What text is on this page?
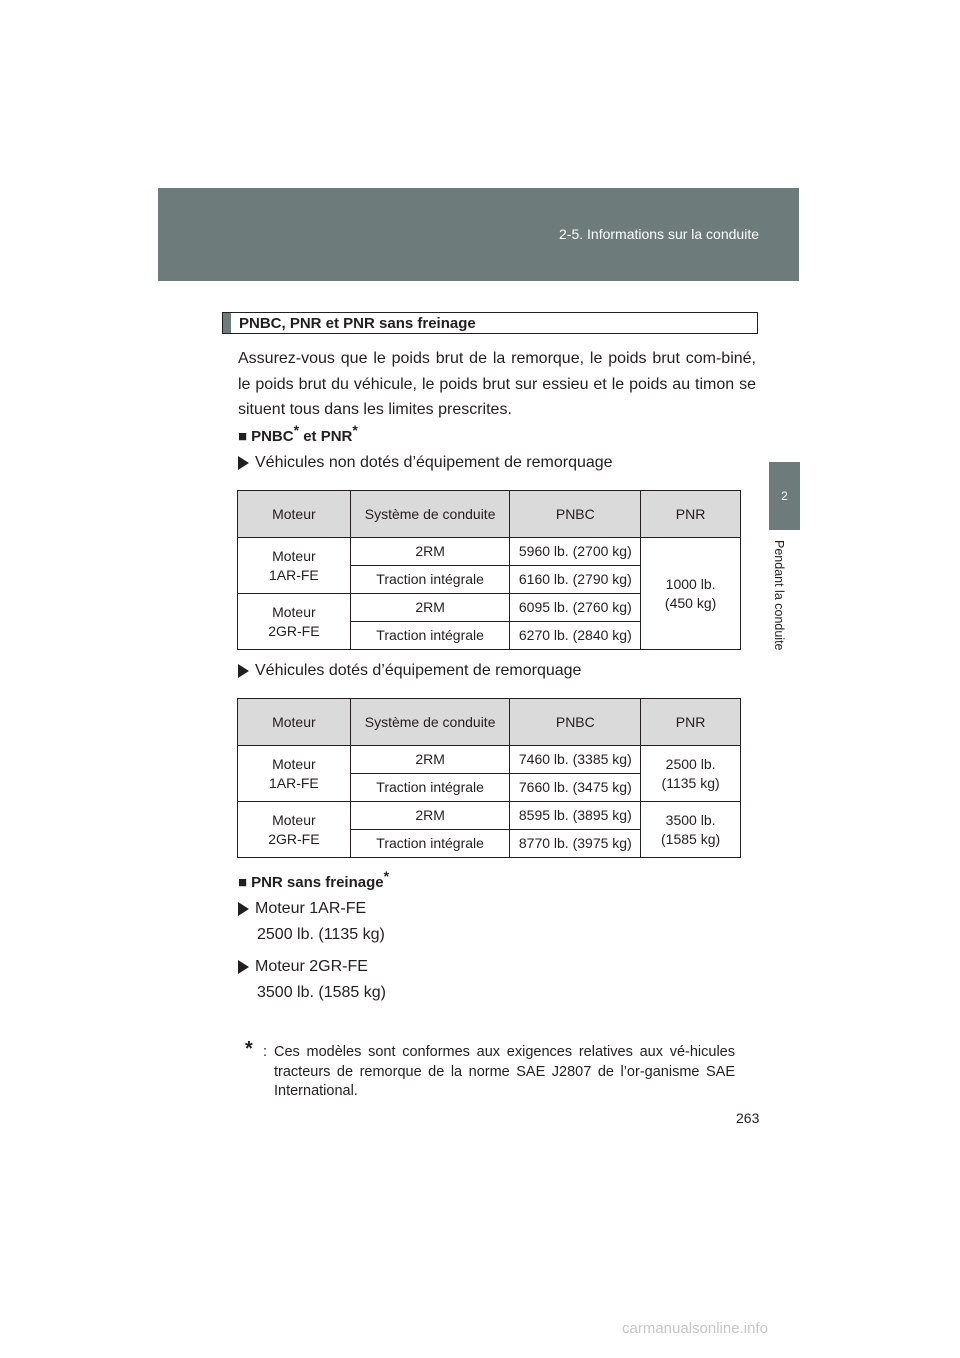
2-5. Informations sur la conduite
2
Pendant la conduite
PNBC, PNR et PNR sans freinage
Assurez-vous que le poids brut de la remorque, le poids brut com-biné, le poids brut du véhicule, le poids brut sur essieu et le poids au timon se situent tous dans les limites prescrites.
■ PNBC* et PNR*
Véhicules non dotés d’équipement de remorquage
Moteur	Système de conduite	PNBC	PNR
Moteur
1AR-FE	2RM	5960 lb. (2700 kg)	1000 lb.
(450 kg)
	Traction intégrale	6160 lb. (2790 kg)	
Moteur
2GR-FE	2RM	6095 lb. (2760 kg)	
	Traction intégrale	6270 lb. (2840 kg)	
Véhicules dotés d’équipement de remorquage
Moteur	Système de conduite	PNBC	PNR
Moteur
1AR-FE	2RM	7460 lb. (3385 kg)	2500 lb.
(1135 kg)
	Traction intégrale	7660 lb. (3475 kg)	
Moteur
2GR-FE	2RM	8595 lb. (3895 kg)	3500 lb.
(1585 kg)
	Traction intégrale	8770 lb. (3975 kg)	
■ PNR sans freinage*
Moteur 1AR-FE
2500 lb. (1135 kg)
Moteur 2GR-FE
3500 lb. (1585 kg)
* : Ces modèles sont conformes aux exigences relatives aux vé-hicules tracteurs de remorque de la norme SAE J2807 de l’or-ganisme SAE International.
263
carmanualsonline.info
